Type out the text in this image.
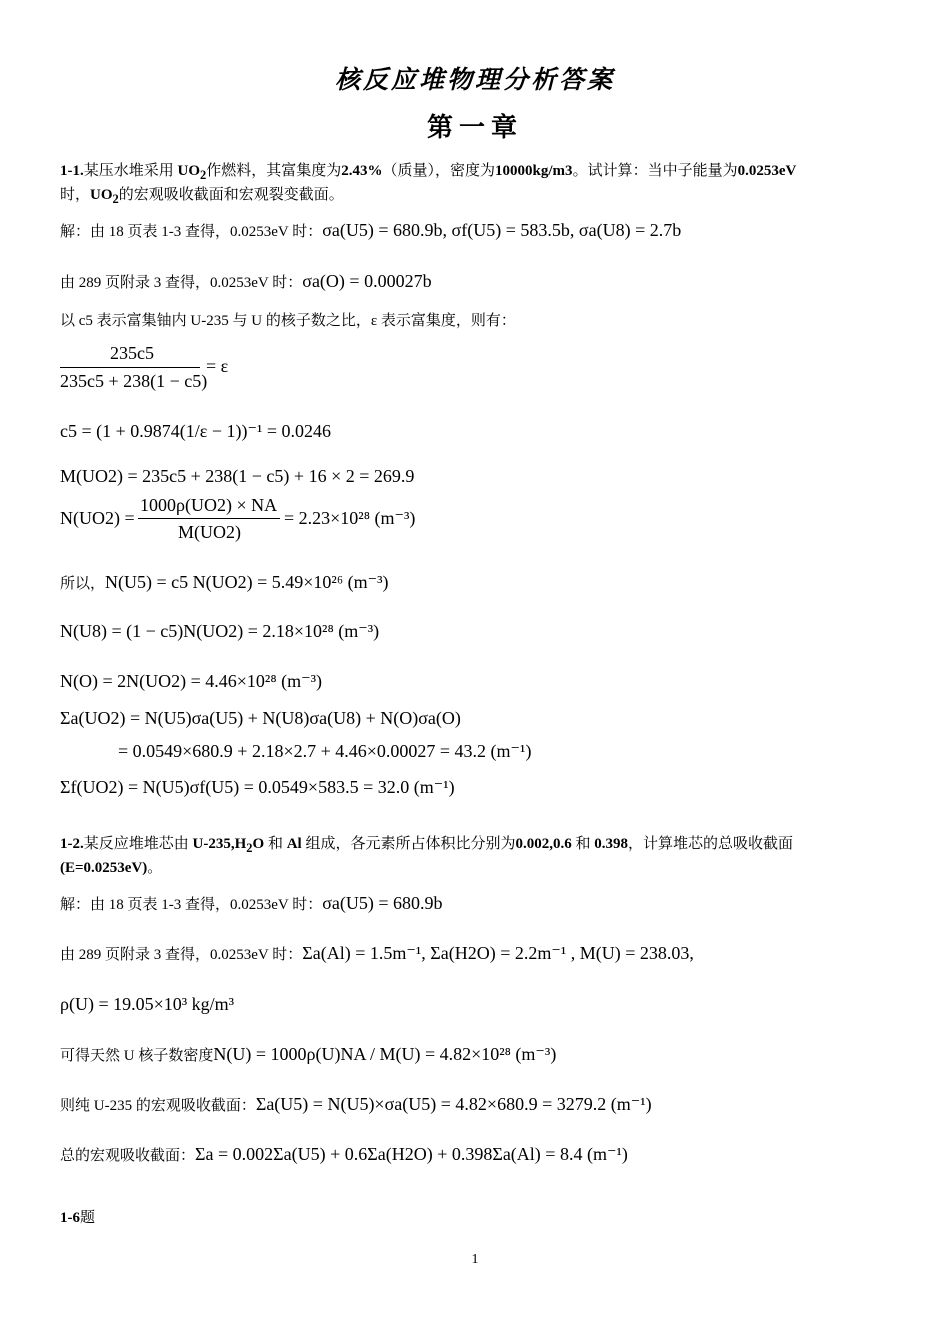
核反应堆物理分析答案
第一章
1-1.某压水堆采用 $UO_2$作燃料，其富集度为2.43%（质量），密度为10000kg/m3。试计算：当中子能量为0.0253eV
时，$UO_2$的宏观吸收截面和宏观裂变截面。
解：由 18 页表 1-3 查得，0.0253eV 时：σa(U5) = 680.9b, σf(U5) = 583.5b, σa(U8) = 2.7b
由 289 页附录 3 查得，0.0253eV 时：σa(O) = 0.00027b
以 c5 表示富集铀内 U-235 与 U 的核子数之比，ε 表示富集度，则有：
235c5
235c5 + 238(1 − c5)
= ε
c5 = (1 + 0.9874(1/ε − 1))⁻¹ = 0.0246
M(UO2) = 235c5 + 238(1 − c5) + 16 × 2 = 269.9
N(UO2) =
1000ρ(UO2) × NA
M(UO2)
= 2.23×10²⁸ (m⁻³)
所以，N(U5) = c5 N(UO2) = 5.49×10²⁶ (m⁻³)
N(U8) = (1 − c5)N(UO2) = 2.18×10²⁸ (m⁻³)
N(O) = 2N(UO2) = 4.46×10²⁸ (m⁻³)
Σa(UO2) = N(U5)σa(U5) + N(U8)σa(U8) + N(O)σa(O)
= 0.0549×680.9 + 2.18×2.7 + 4.46×0.00027 = 43.2 (m⁻¹)
Σf(UO2) = N(U5)σf(U5) = 0.0549×583.5 = 32.0 (m⁻¹)
1-2.某反应堆堆芯由 $U-235,H_2O$ 和 Al 组成，各元素所占体积比分别为0.002,0.6 和 0.398，计算堆芯的总吸收截面
(E=0.0253eV)。
解：由 18 页表 1-3 查得，0.0253eV 时：σa(U5) = 680.9b
由 289 页附录 3 查得，0.0253eV 时：Σa(Al) = 1.5m⁻¹, Σa(H2O) = 2.2m⁻¹ , M(U) = 238.03,
ρ(U) = 19.05×10³ kg/m³
可得天然 U 核子数密度N(U) = 1000ρ(U)NA / M(U) = 4.82×10²⁸ (m⁻³)
则纯 U-235 的宏观吸收截面：Σa(U5) = N(U5)×σa(U5) = 4.82×680.9 = 3279.2 (m⁻¹)
总的宏观吸收截面：Σa = 0.002Σa(U5) + 0.6Σa(H2O) + 0.398Σa(Al) = 8.4 (m⁻¹)
1-6题
1
